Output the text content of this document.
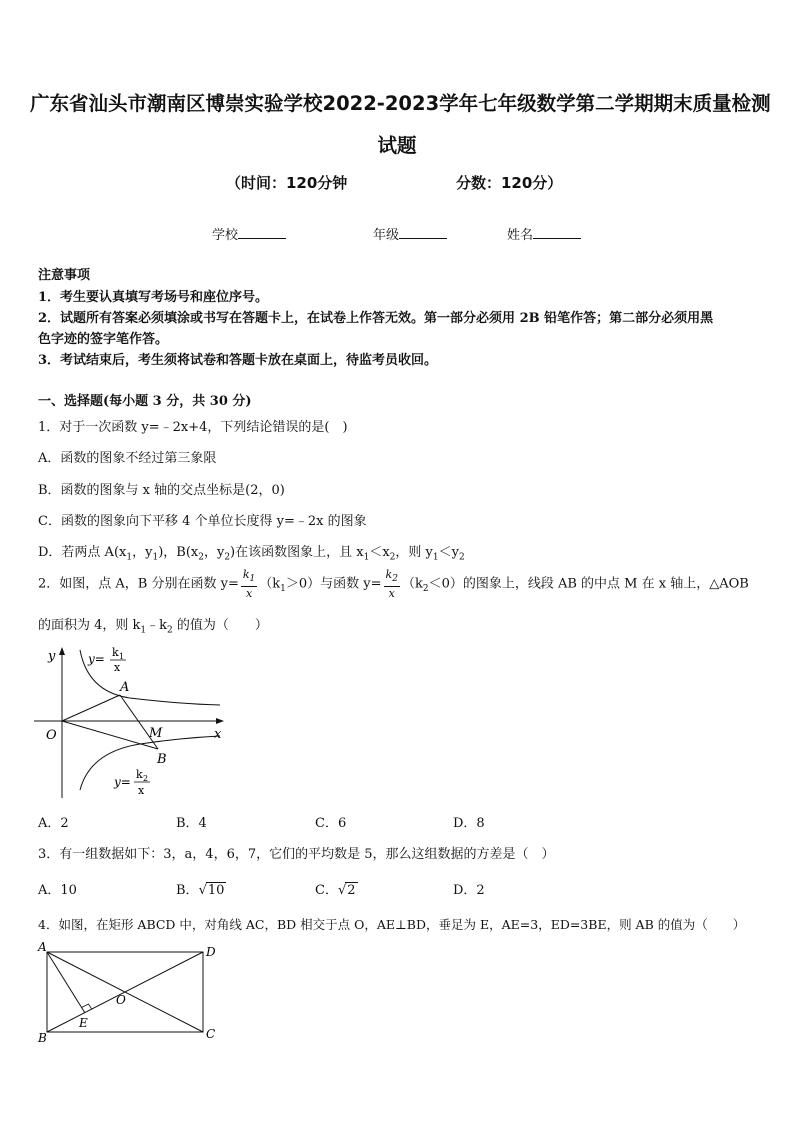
广东省汕头市潮南区博崇实验学校2022-2023学年七年级数学第二学期期末质量检测
试题
（时间：120分钟	分数：120分）
学校	年级	姓名
注意事项
1．考生要认真填写考场号和座位序号。
2．试题所有答案必须填涂或书写在答题卡上，在试卷上作答无效。第一部分必须用 2B 铅笔作答；第二部分必须用黑
色字迹的签字笔作答。
3．考试结束后，考生须将试卷和答题卡放在桌面上，待监考员收回。
一、选择题(每小题 3 分，共 30 分)
1．对于一次函数 y=﹣2x+4，下列结论错误的是(　)
A．函数的图象不经过第三象限
B．函数的图象与 x 轴的交点坐标是(2，0)
C．函数的图象向下平移 4 个单位长度得 y=﹣2x 的图象
D．若两点 $A(x_1$，$y_1$)，$B(x_2$，$y_2$)在该函数图象上，且 $x_1<x_2$，则 $y_1<y_2$
2．如图，点 A，B 分别在函数 $y= \frac{k_1}{x} (k_1>0)$与函数 $y= \frac{k_2}{x} (k_2<0)$的图象上，线段 AB 的中点 M 在 x 轴上，△AOB
的面积为 4，则 $k_1﹣k_2$ 的值为（　　）
y
x
O
A
B
M
y= k 1
x
y=
k 2
x
A．2	B．4	C．6	D．8
3．有一组数据如下：3，a，4，6，7，它们的平均数是 5，那么这组数据的方差是（　）
A．10	B．√10	C．√2	D．2
4．如图，在矩形 ABCD 中，对角线 AC，BD 相交于点 O，AE⊥BD，垂足为 E，AE=3，ED=3BE，则 AB 的值为（　　）
A
B	C
D
E
O
